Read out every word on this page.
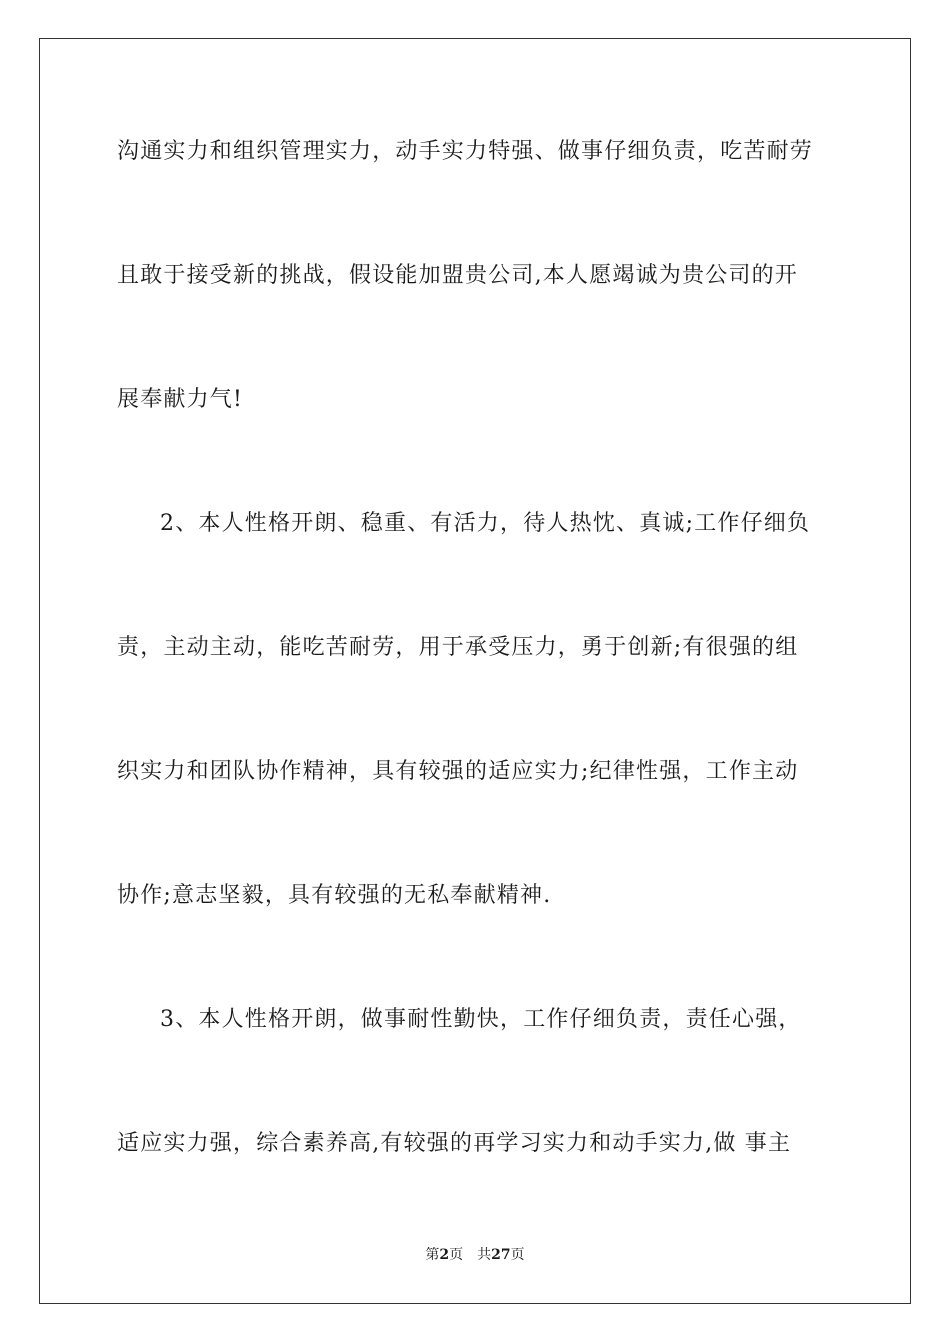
沟通实力和组织管理实力，动手实力特强、做事仔细负责，吃苦耐劳
且敢于接受新的挑战，假设能加盟贵公司,本人愿竭诚为贵公司的开
展奉献力气!
2、本人性格开朗、稳重、有活力，待人热忱、真诚;工作仔细负
责，主动主动，能吃苦耐劳，用于承受压力，勇于创新;有很强的组
织实力和团队协作精神，具有较强的适应实力;纪律性强，工作主动
协作;意志坚毅，具有较强的无私奉献精神.
3、本人性格开朗，做事耐性勤快，工作仔细负责，责任心强，
适应实力强，综合素养高,有较强的再学习实力和动手实力,做 事主
第2页 共27页
